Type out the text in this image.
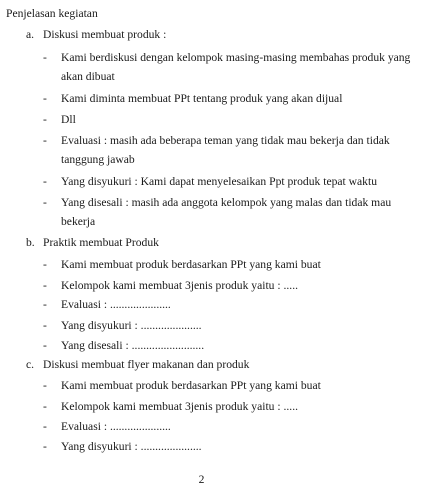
Penjelasan kegiatan
a. Diskusi membuat produk :
- Kami berdiskusi dengan kelompok masing-masing membahas produk yang
akan dibuat
- Kami diminta membuat PPt tentang produk yang akan dijual
- Dll
- Evaluasi : masih ada beberapa teman yang tidak mau bekerja dan tidak
tanggung jawab
- Yang disyukuri : Kami dapat menyelesaikan Ppt produk tepat waktu
- Yang disesali : masih ada anggota kelompok yang malas dan tidak mau
bekerja
b. Praktik membuat Produk
- Kami membuat produk berdasarkan PPt yang kami buat
- Kelompok kami membuat 3jenis produk yaitu : .....
- Evaluasi : .....................
- Yang disyukuri : .....................
- Yang disesali : .........................
c. Diskusi membuat flyer makanan dan produk
- Kami membuat produk berdasarkan PPt yang kami buat
- Kelompok kami membuat 3jenis produk yaitu : .....
- Evaluasi : .....................
- Yang disyukuri : .....................
2
